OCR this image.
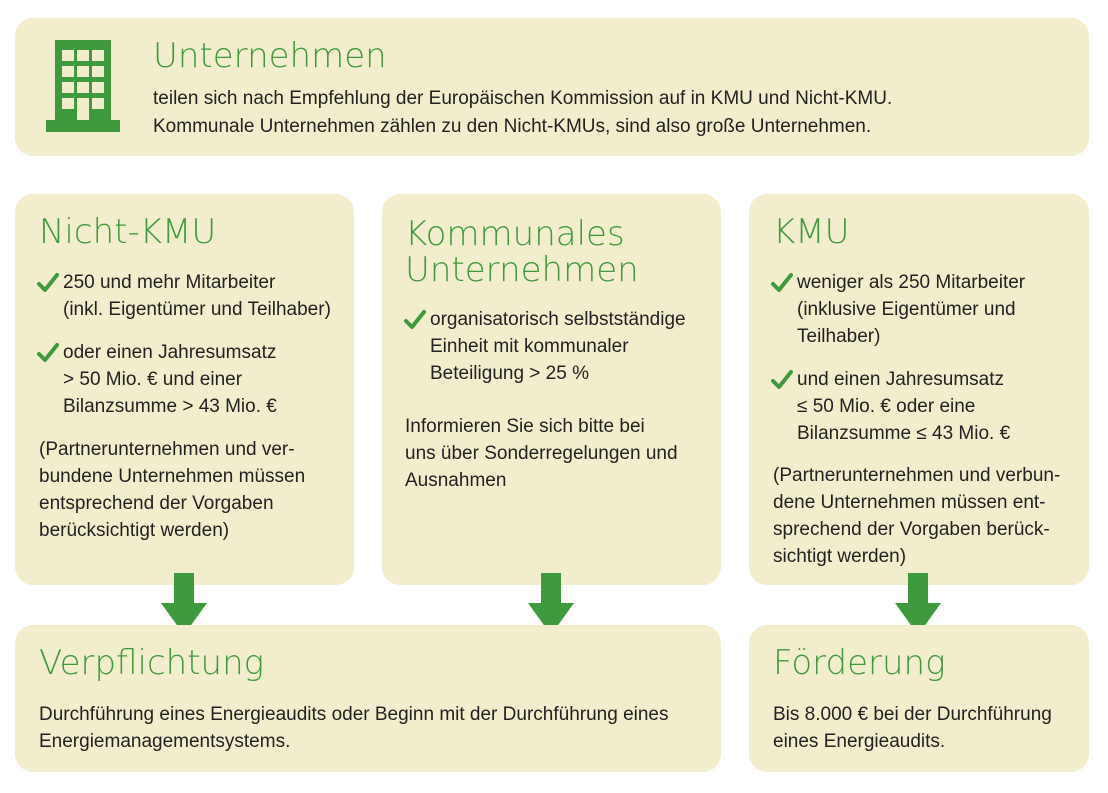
Unternehmen

teilen sich nach Empfehlung der Europäischen Kommission auf in KMU und Nicht-KMU.
Kommunale Unternehmen zählen zu den Nicht-KMUs, sind also große Unternehmen.

Nicht-KMU
250 und mehr Mitarbeiter
(inkl. Eigentümer und Teilhaber)
oder einen Jahresumsatz
> 50 Mio. € und einer
Bilanzsumme > 43 Mio. €

(Partnerunternehmen und ver-
bundene Unternehmen müssen
entsprechend der Vorgaben
berücksichtigt werden)

Kommunales
Unternehmen
organisatorisch selbstständige
Einheit mit kommunaler
Beteiligung > 25 %

Informieren Sie sich bitte bei
uns über Sonderregelungen und
Ausnahmen

KMU
weniger als 250 Mitarbeiter
(inklusive Eigentümer und
Teilhaber)
und einen Jahresumsatz
≤ 50 Mio. € oder eine
Bilanzsumme ≤ 43 Mio. €

(Partnerunternehmen und verbun-
dene Unternehmen müssen ent-
sprechend der Vorgaben berück-
sichtigt werden)

Verpflichtung

Durchführung eines Energieaudits oder Beginn mit der Durchführung eines
Energiemanagementsystems.

Förderung

Bis 8.000 € bei der Durchführung
eines Energieaudits.
